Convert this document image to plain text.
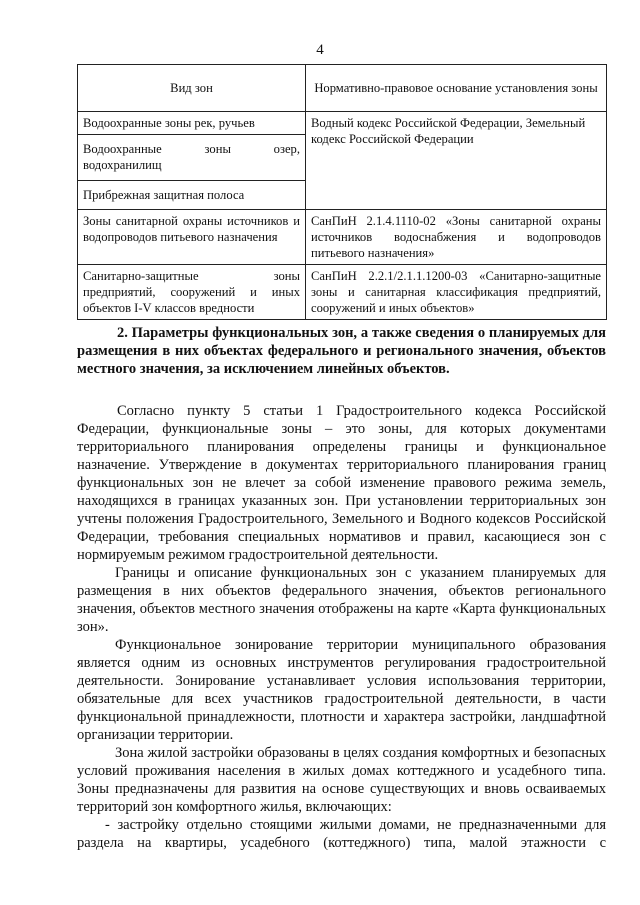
4
Вид зон	Нормативно-правовое основание установления зоны
Водоохранные зоны рек, ручьев	Водный кодекс Российской Федерации, Земельный кодекс Российской Федерации
Водоохранные зоны озер, водохранилищ	
Прибрежная защитная полоса	
Зоны санитарной охраны источников и водопроводов питьевого назначения	СанПиН 2.1.4.1110-02 «Зоны санитарной охраны источников водоснабжения и водопроводов питьевого назначения»
Санитарно-защитные зоны предприятий, сооружений и иных объектов I-V классов вредности	СанПиН 2.2.1/2.1.1.1200-03 «Санитарно-защитные зоны и санитарная классификация предприятий, сооружений и иных объектов»
2. Параметры функциональных зон, а также сведения о планируемых для размещения в них объектах федерального и регионального значения, объектов местного значения, за исключением линейных объектов.

Согласно пункту 5 статьи 1 Градостроительного кодекса Российской Федерации, функциональные зоны – это зоны, для которых документами территориального планирования определены границы и функциональное назначение. Утверждение в документах территориального планирования границ функциональных зон не влечет за собой изменение правового режима земель, находящихся в границах указанных зон. При установлении территориальных зон учтены положения Градостроительного, Земельного и Водного кодексов Российской Федерации, требования специальных нормативов и правил, касающиеся зон с нормируемым режимом градостроительной деятельности.

Границы и описание функциональных зон с указанием планируемых для размещения в них объектов федерального значения, объектов регионального значения, объектов местного значения отображены на карте «Карта функциональных зон».

Функциональное зонирование территории муниципального образования является одним из основных инструментов регулирования градостроительной деятельности. Зонирование устанавливает условия использования территории, обязательные для всех участников градостроительной деятельности, в части функциональной принадлежности, плотности и характера застройки, ландшафтной организации территории.

Зона жилой застройки образованы в целях создания комфортных и безопасных условий проживания населения в жилых домах коттеджного и усадебного типа. Зоны предназначены для развития на основе существующих и вновь осваиваемых территорий зон комфортного жилья, включающих:

- застройку отдельно стоящими жилыми домами, не предназначенными для раздела на квартиры, усадебного (коттеджного) типа, малой этажности с
